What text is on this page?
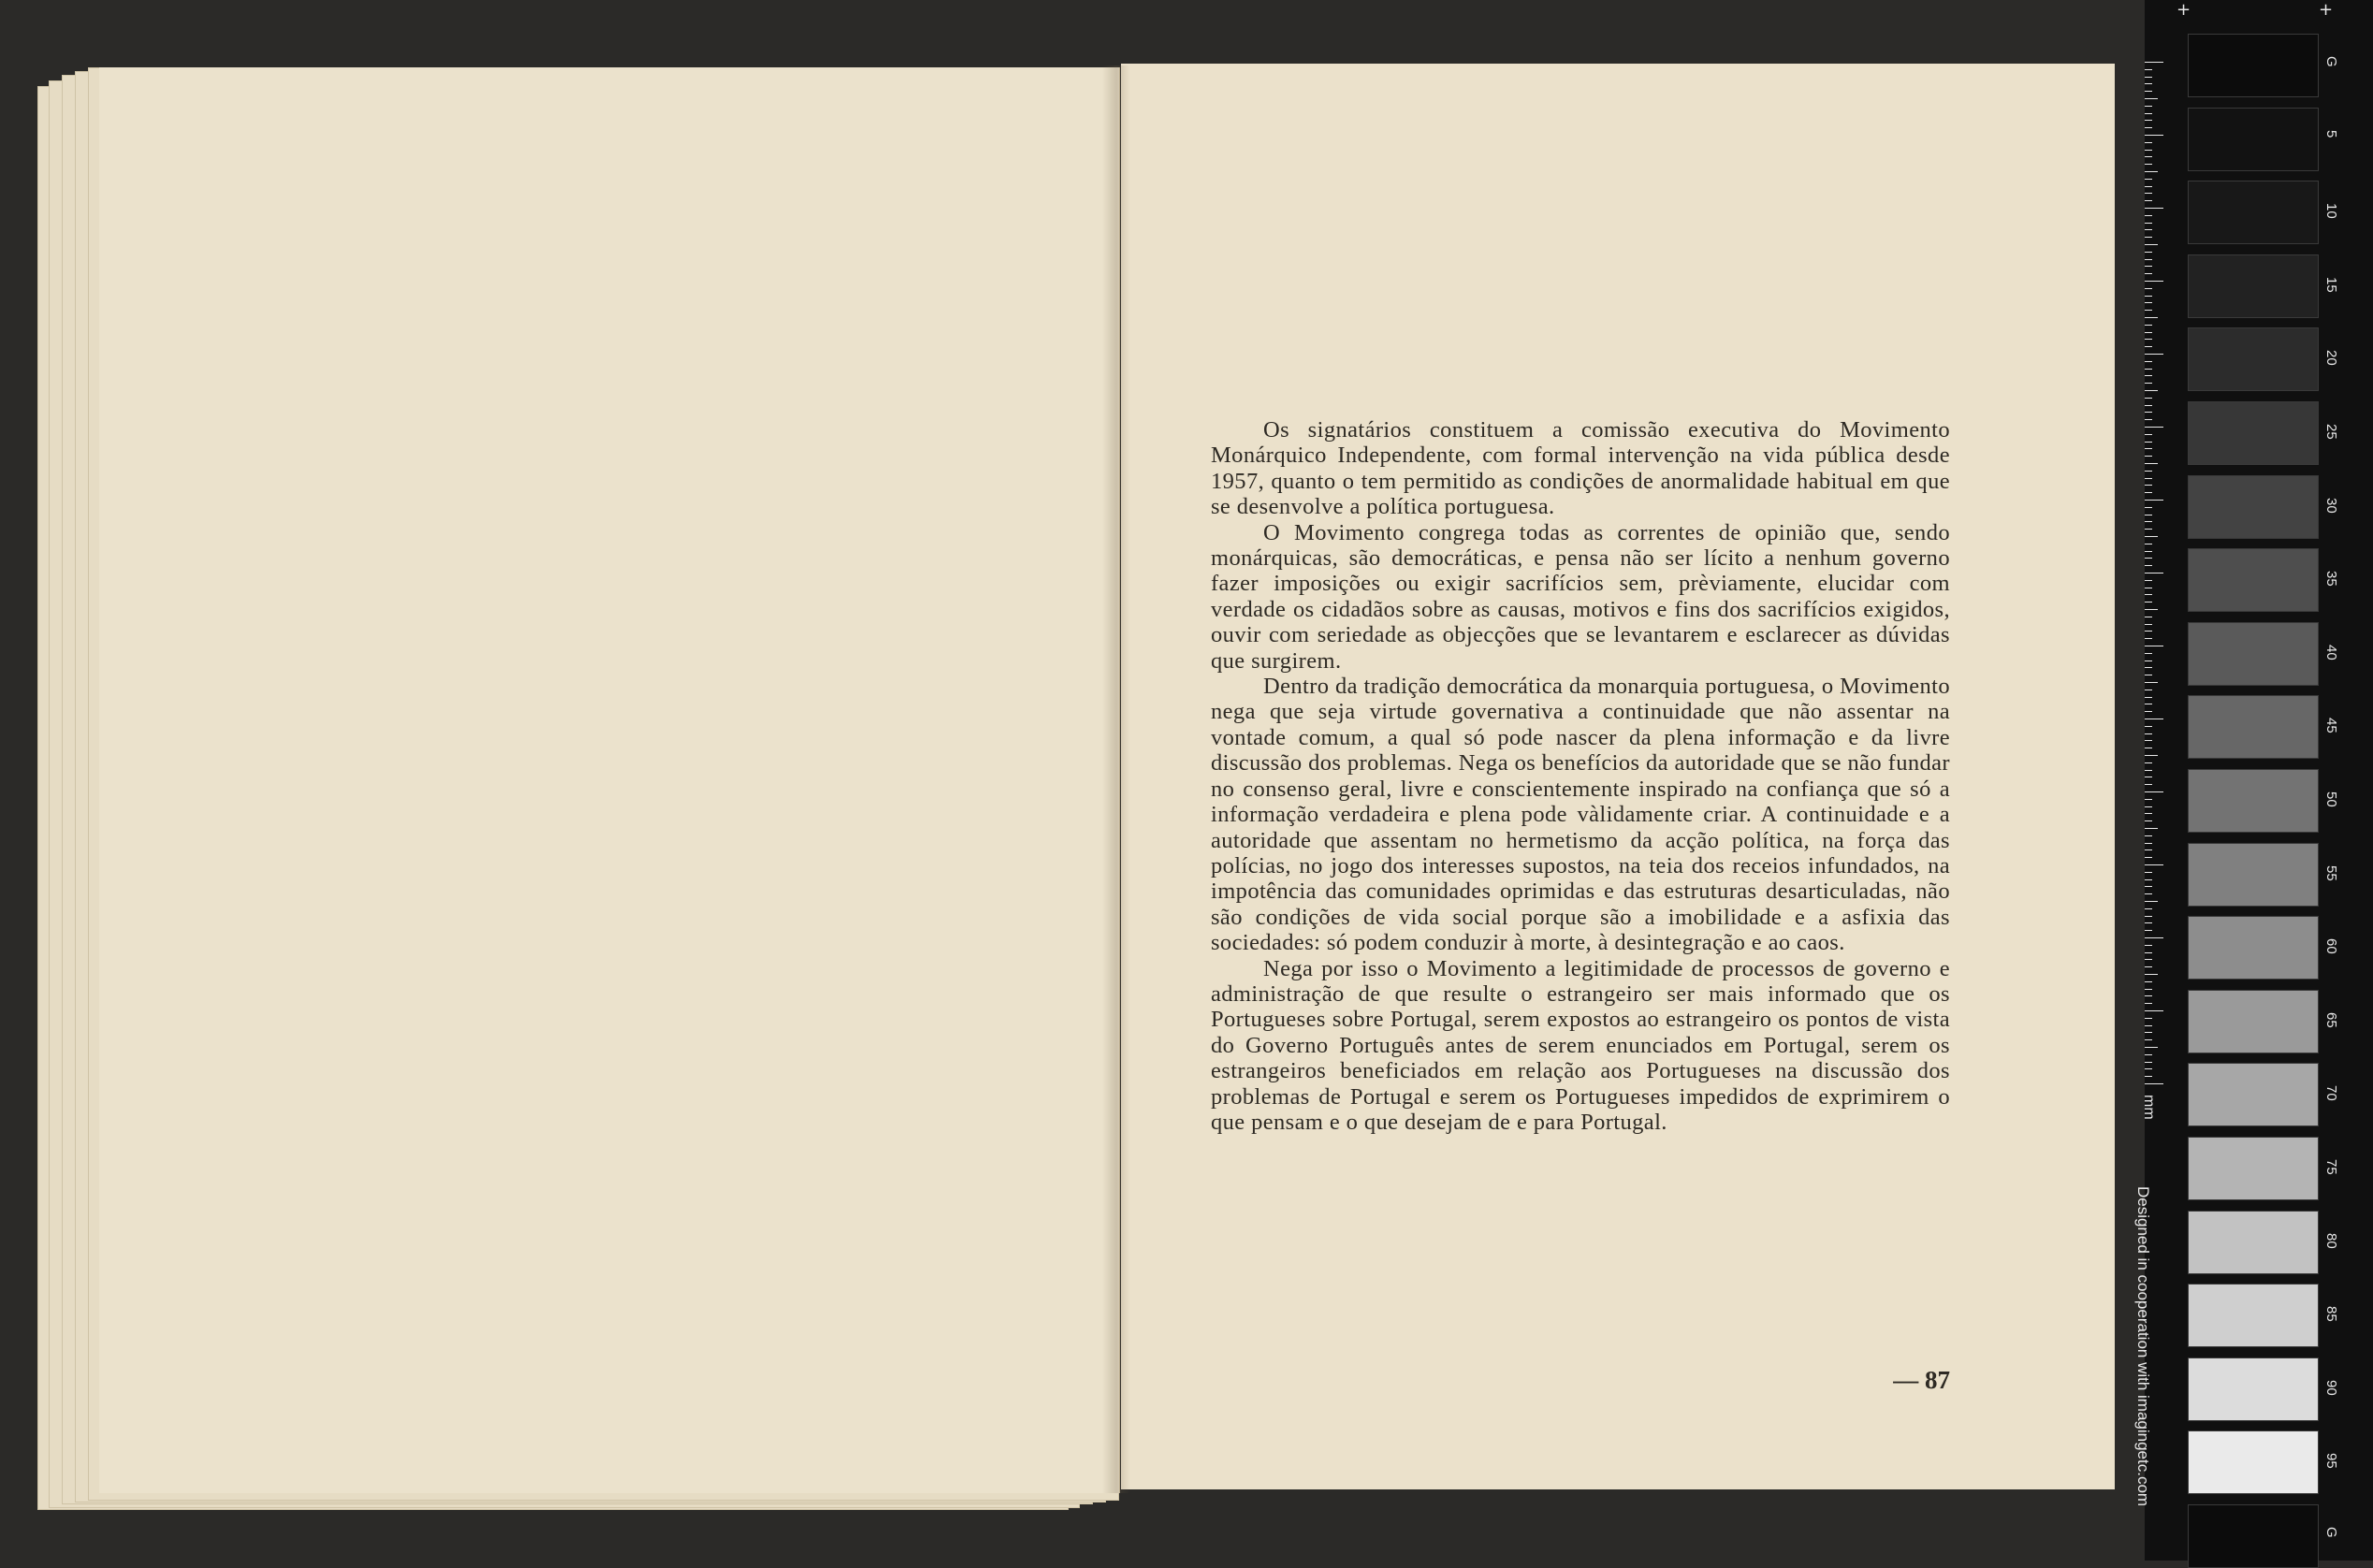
Os signatários constituem a comissão executiva do Movimento Monárquico Independente, com formal intervenção na vida pública desde 1957, quanto o tem permitido as condições de anormalidade habitual em que se desenvolve a política portuguesa.

O Movimento congrega todas as correntes de opinião que, sendo monárquicas, são democráticas, e pensa não ser lícito a nenhum governo fazer imposições ou exigir sacrifícios sem, prèviamente, elucidar com verdade os cidadãos sobre as causas, motivos e fins dos sacrifícios exigidos, ouvir com seriedade as objecções que se levantarem e esclarecer as dúvidas que surgirem.

Dentro da tradição democrática da monarquia portuguesa, o Movimento nega que seja virtude governativa a continuidade que não assentar na vontade comum, a qual só pode nascer da plena informação e da livre discussão dos problemas. Nega os benefícios da autoridade que se não fundar no consenso geral, livre e conscientemente inspirado na confiança que só a informação verdadeira e plena pode vàlidamente criar. A continuidade e a autoridade que assentam no hermetismo da acção política, na força das polícias, no jogo dos interesses supostos, na teia dos receios infundados, na impotência das comunidades oprimidas e das estruturas desarticuladas, não são condições de vida social porque são a imobilidade e a asfixia das sociedades: só podem conduzir à morte, à desintegração e ao caos.

Nega por isso o Movimento a legitimidade de processos de governo e administração de que resulte o estrangeiro ser mais informado que os Portugueses sobre Portugal, serem expostos ao estrangeiro os pontos de vista do Governo Português antes de serem enunciados em Portugal, serem os estrangeiros beneficiados em relação aos Portugueses na discussão dos problemas de Portugal e serem os Portugueses impedidos de exprimirem o que pensam e o que desejam de e para Portugal.

— 87
+	+
mm
Designed in cooperation with imagingetc.com
G
5
10
15
20
25
30
35
40
45
50
55
60
65
70
75
80
85
90
95
G
